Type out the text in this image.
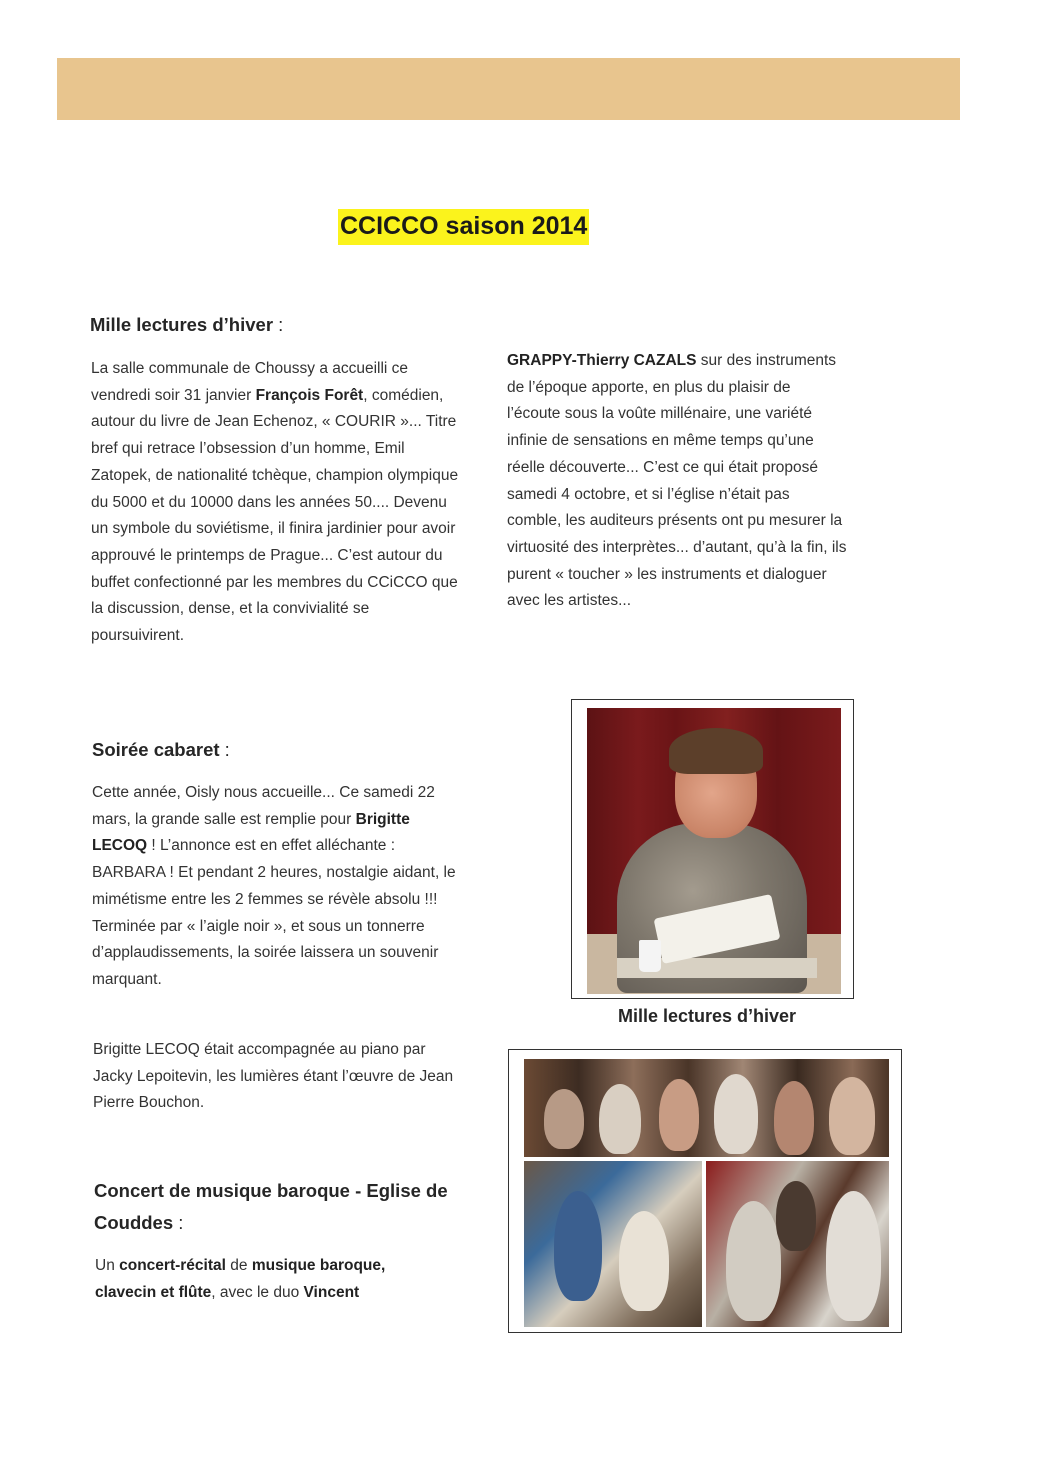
CCICCO saison 2014
Mille lectures d’hiver :
La salle communale de Choussy a accueilli ce vendredi soir 31 janvier François Forêt, comédien, autour du livre de Jean Echenoz, « COURIR »... Titre bref qui retrace l’obsession d’un homme, Emil Zatopek, de nationalité tchèque, champion olympique du 5000 et du 10000 dans les années 50.... Devenu un symbole du soviétisme, il finira jardinier pour avoir approuvé le printemps de Prague... C’est autour du buffet confectionné par les membres du CCiCCO que la discussion, dense, et la convivialité se poursuivirent.
Soirée cabaret :
Cette année, Oisly nous accueille... Ce samedi 22 mars, la grande salle est remplie pour Brigitte LECOQ ! L’annonce est en effet alléchante : BARBARA ! Et pendant 2 heures, nostalgie aidant, le mimétisme entre les 2 femmes se révèle absolu !!! Terminée par « l’aigle noir », et sous un tonnerre d’applaudissements, la soirée laissera un souvenir marquant.
Brigitte LECOQ était accompagnée au piano par Jacky Lepoitevin, les lumières étant l’œuvre de Jean Pierre Bouchon.
Concert de musique baroque - Eglise de Couddes :
Un concert-récital de musique baroque, clavecin et flûte, avec le duo Vincent
GRAPPY-Thierry CAZALS sur des instruments de l’époque apporte, en plus du plaisir de l’écoute sous la voûte millénaire, une variété infinie de sensations en même temps qu’une réelle découverte... C’est ce qui était proposé samedi 4 octobre, et si l’église n’était pas comble, les auditeurs présents ont pu mesurer la virtuosité des interprètes... d’autant, qu’à la fin, ils purent « toucher » les instruments et dialoguer avec les artistes...
Mille lectures d’hiver
